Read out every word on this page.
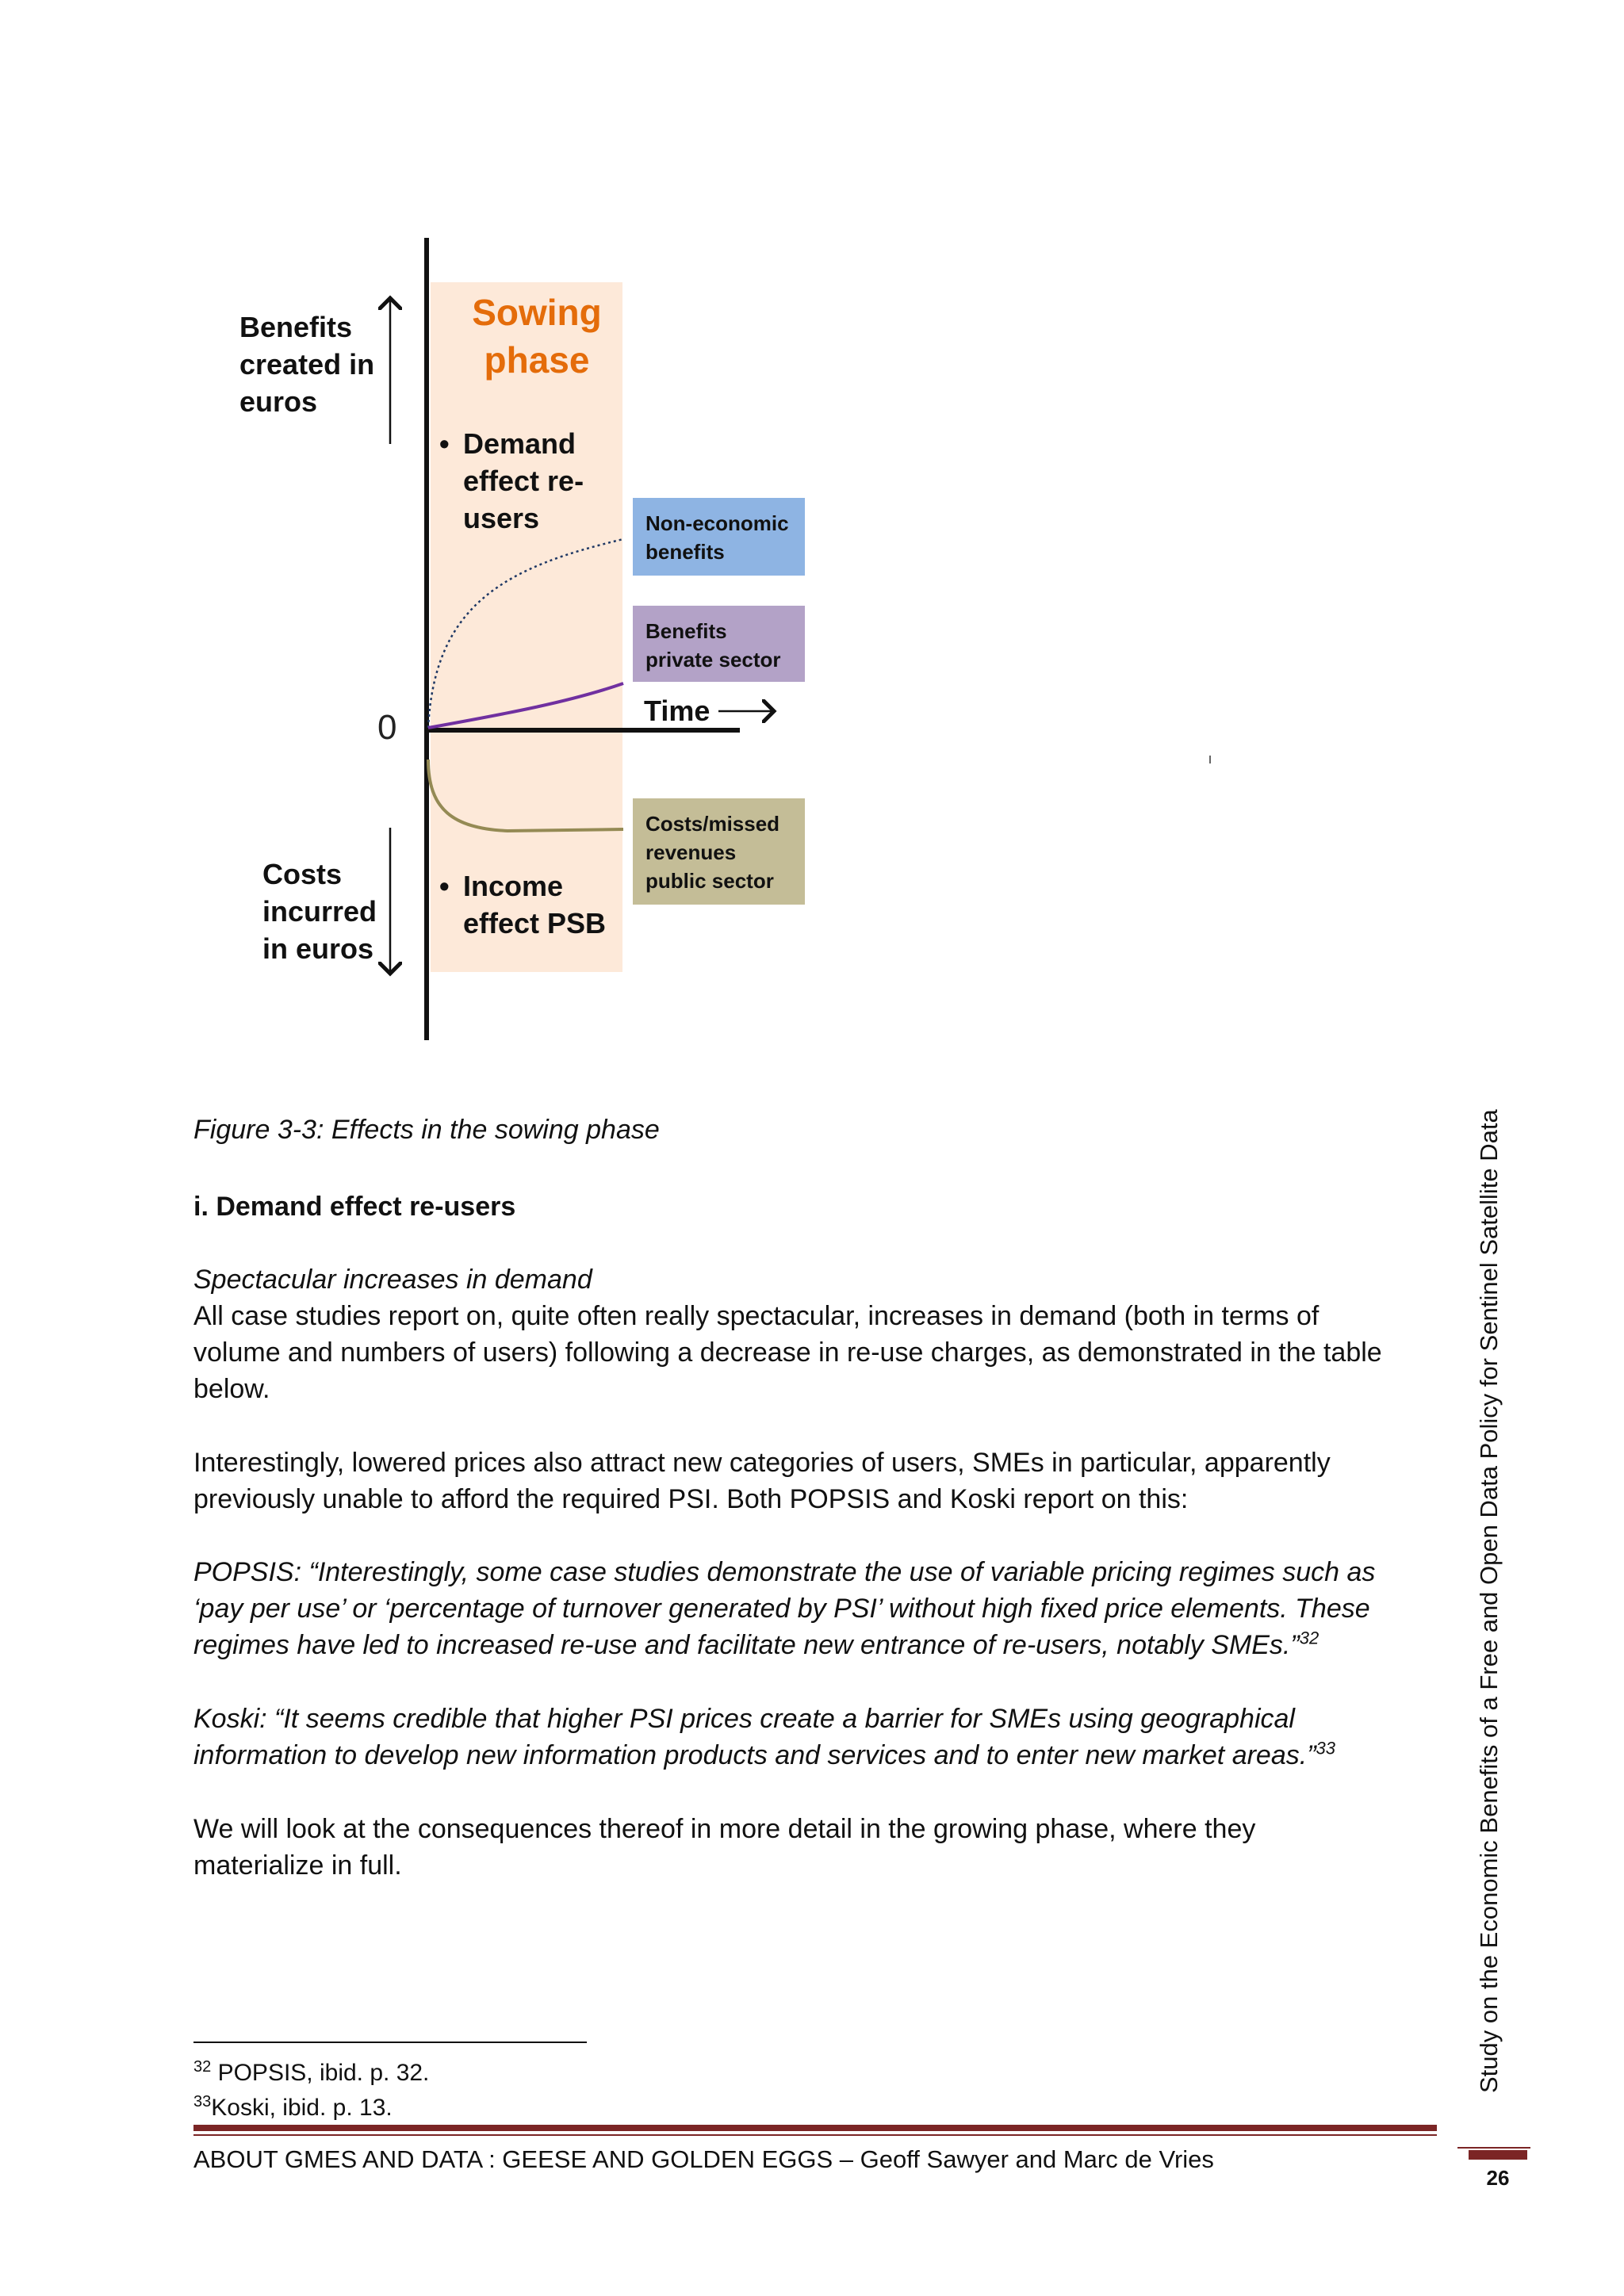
Sowing phase
Benefits
created in
euros
Costs
incurred
in euros
• Demand
effect re-
users
• Income
effect PSB
0	Time
Non-economic
benefits
Benefits
private sector
Costs/missed
revenues
public sector
Figure 3-3: Effects in the sowing phase
i. Demand effect re-users
Spectacular increases in demand
All case studies report on, quite often really spectacular, increases in demand (both in terms of
volume and numbers of users) following a decrease in re-use charges, as demonstrated in the table
below.
Interestingly, lowered prices also attract new categories of users, SMEs in particular, apparently
previously unable to afford the required PSI. Both POPSIS and Koski report on this:
POPSIS: “Interestingly, some case studies demonstrate the use of variable pricing regimes such as
‘pay per use’ or ‘percentage of turnover generated by PSI’ without high fixed price elements. These
regimes have led to increased re-use and facilitate new entrance of re-users, notably SMEs.”$^{32}$
Koski: “It seems credible that higher PSI prices create a barrier for SMEs using geographical
information to develop new information products and services and to enter new market areas.”$^{33}$
We will look at the consequences thereof in more detail in the growing phase, where they
materialize in full.
$^{32}$ POPSIS, ibid. p. 32.
$^{33}$Koski, ibid. p. 13.
ABOUT GMES AND DATA : GEESE AND GOLDEN EGGS – Geoff Sawyer and Marc de Vries
Study on the Economic Benefits of a Free and Open Data Policy for Sentinel Satellite Data
26
